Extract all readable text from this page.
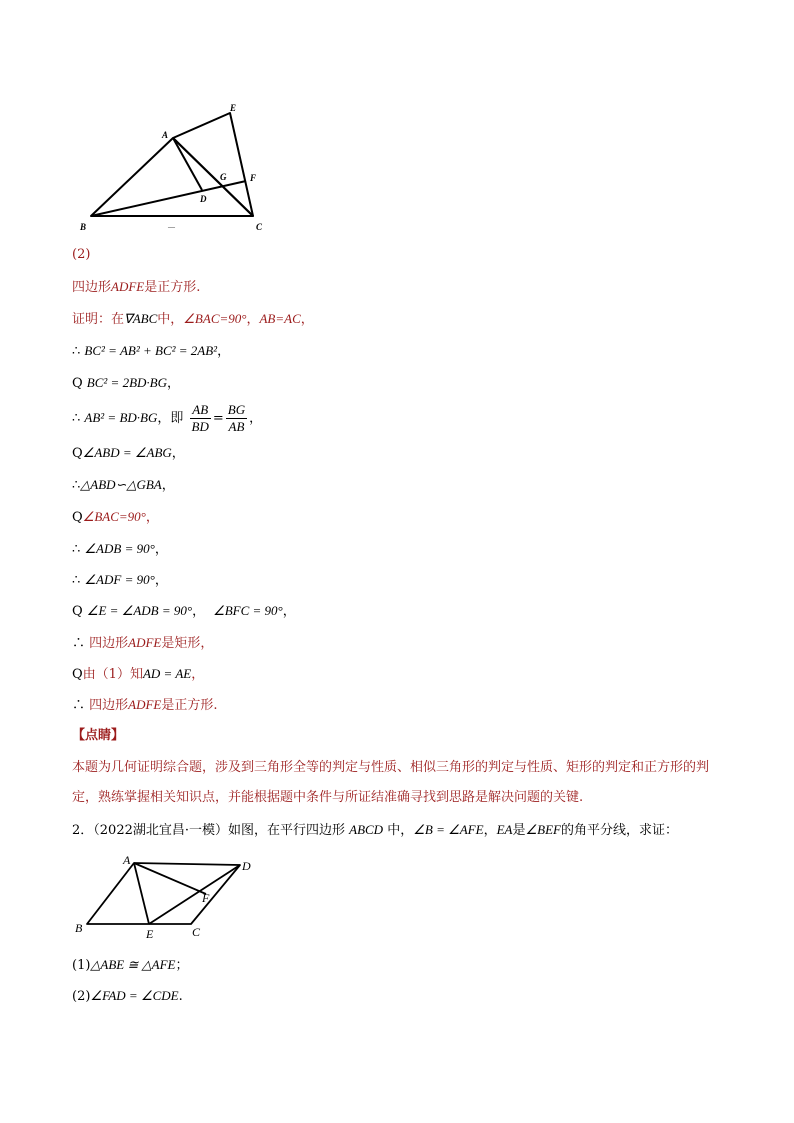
A
E
F
G
D
B	C
—
(2)
四边形ADFE是正方形.
证明：在∇ABC中，∠BAC=90°，AB=AC，
∴ BC² = AB² + BC² = 2AB²，
Q BC² = 2BD·BG，
∴ AB² = BD·BG，即 $\frac{AB}{BD} = \frac{BG}{AB}$ ，
Q∠ABD = ∠ABG，
∴△ABD∽△GBA，
Q∠BAC=90°，
∴ ∠ADB = 90°，
∴ ∠ADF = 90°，
Q ∠E = ∠ADB = 90°， ∠BFC = 90°，
∴ 四边形ADFE是矩形，
Q由（1）知AD = AE，
∴ 四边形ADFE是正方形.
【点睛】
本题为几何证明综合题，涉及到三角形全等的判定与性质、相似三角形的判定与性质、矩形的判定和正方形的判定，熟练掌握相关知识点，并能根据题中条件与所证结准确寻找到思路是解决问题的关键.
2．（2022湖北宜昌·一模）如图，在平行四边形 ABCD 中，∠B = ∠AFE，EA是∠BEF的角平分线，求证：
A	D
F
B	E	C
(1)△ABE ≅ △AFE；
(2)∠FAD = ∠CDE.
